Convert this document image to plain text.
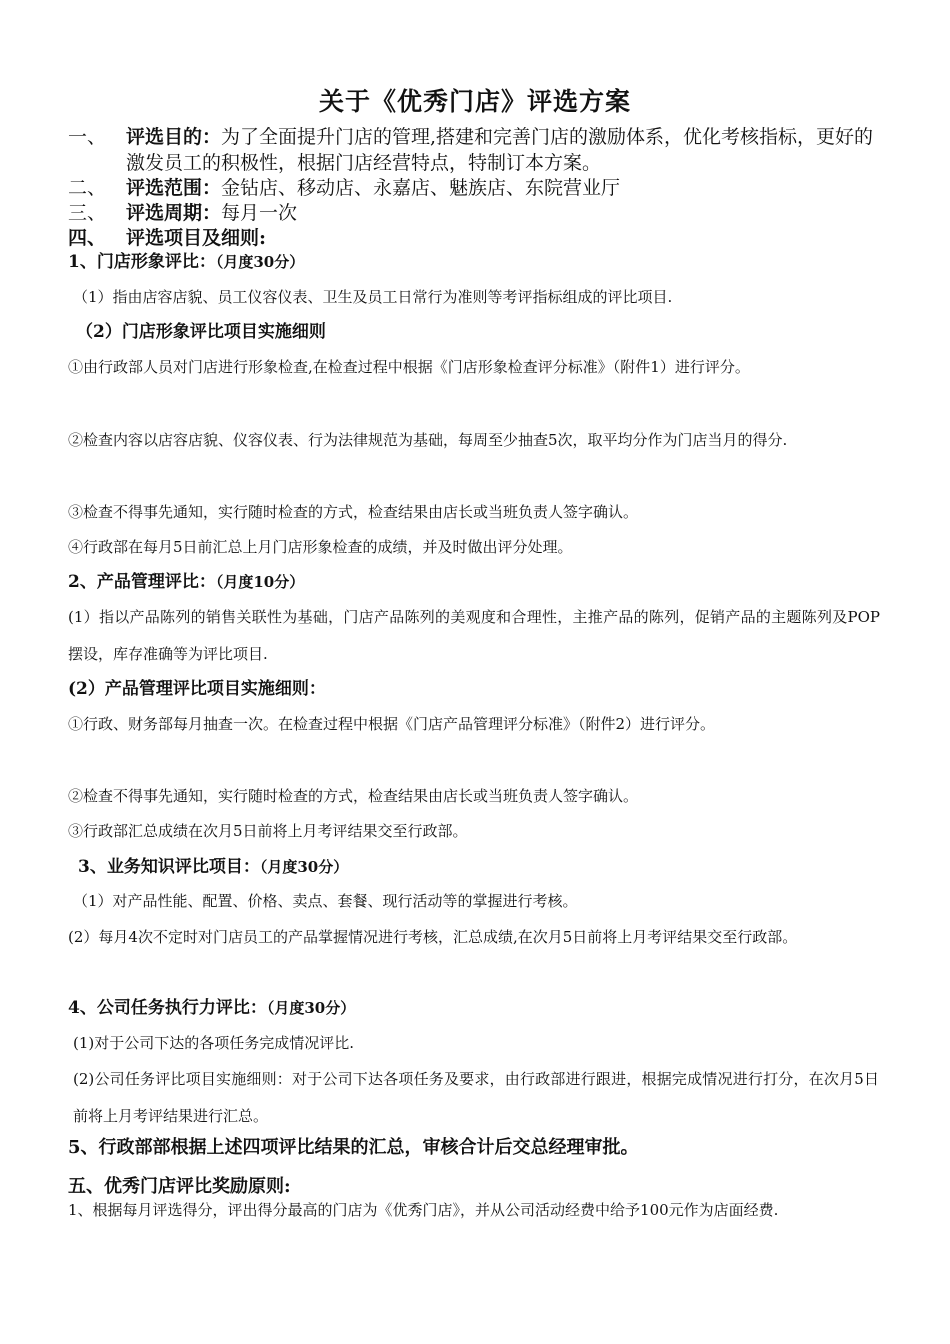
关于《优秀门店》评选方案
一、 评选目的：为了全面提升门店的管理,搭建和完善门店的激励体系，优化考核指标，更好的激发员工的积极性，根据门店经营特点，特制订本方案。
二、 评选范围：金钻店、移动店、永嘉店、魅族店、东院营业厅
三、 评选周期：每月一次
四、 评选项目及细则:
1、门店形象评比：（月度30分）
（1）指由店容店貌、员工仪容仪表、卫生及员工日常行为准则等考评指标组成的评比项目.
（2）门店形象评比项目实施细则
①由行政部人员对门店进行形象检查,在检查过程中根据《门店形象检查评分标准》（附件1）进行评分。
②检查内容以店容店貌、仪容仪表、行为法律规范为基础，每周至少抽查5次，取平均分作为门店当月的得分.
③检查不得事先通知，实行随时检查的方式，检查结果由店长或当班负责人签字确认。
④行政部在每月5日前汇总上月门店形象检查的成绩，并及时做出评分处理。
2、产品管理评比：（月度10分）
(1）指以产品陈列的销售关联性为基础，门店产品陈列的美观度和合理性，主推产品的陈列，促销产品的主题陈列及POP摆设，库存准确等为评比项目.
(2）产品管理评比项目实施细则：
①行政、财务部每月抽查一次。在检查过程中根据《门店产品管理评分标准》（附件2）进行评分。
②检查不得事先通知，实行随时检查的方式，检查结果由店长或当班负责人签字确认。
③行政部汇总成绩在次月5日前将上月考评结果交至行政部。
3、业务知识评比项目：（月度30分）
（1）对产品性能、配置、价格、卖点、套餐、现行活动等的掌握进行考核。
(2）每月4次不定时对门店员工的产品掌握情况进行考核，汇总成绩,在次月5日前将上月考评结果交至行政部。
4、公司任务执行力评比：（月度30分）
(1)对于公司下达的各项任务完成情况评比.
(2)公司任务评比项目实施细则：对于公司下达各项任务及要求，由行政部进行跟进，根据完成情况进行打分，在次月5日前将上月考评结果进行汇总。
5、行政部部根据上述四项评比结果的汇总，审核合计后交总经理审批。
五、优秀门店评比奖励原则:
1、根据每月评选得分，评出得分最高的门店为《优秀门店》，并从公司活动经费中给予100元作为店面经费.
